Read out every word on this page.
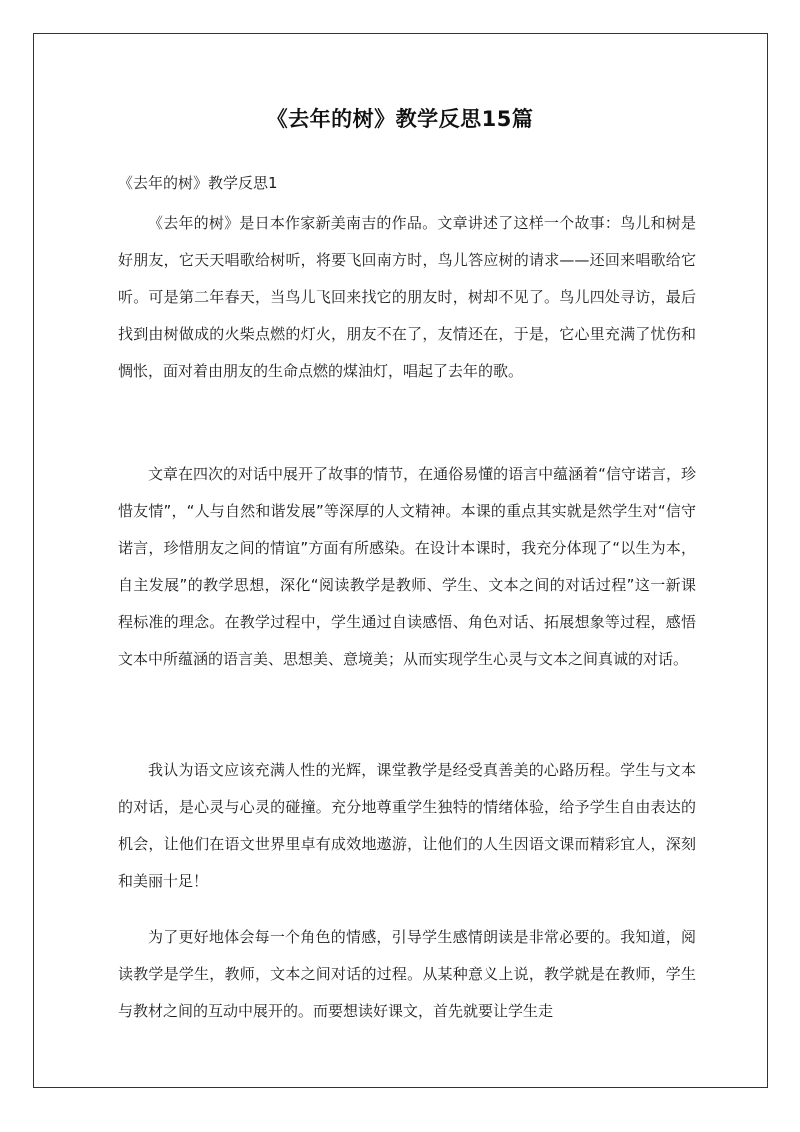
《去年的树》教学反思15篇
《去年的树》教学反思1

《去年的树》是日本作家新美南吉的作品。文章讲述了这样一个故事：鸟儿和树是好朋友，它天天唱歌给树听，将要飞回南方时，鸟儿答应树的请求——还回来唱歌给它听。可是第二年春天，当鸟儿飞回来找它的朋友时，树却不见了。鸟儿四处寻访，最后找到由树做成的火柴点燃的灯火，朋友不在了，友情还在，于是，它心里充满了忧伤和惆怅，面对着由朋友的生命点燃的煤油灯，唱起了去年的歌。

文章在四次的对话中展开了故事的情节，在通俗易懂的语言中蕴涵着“信守诺言，珍惜友情”，“人与自然和谐发展”等深厚的人文精神。本课的重点其实就是然学生对“信守诺言，珍惜朋友之间的情谊”方面有所感染。在设计本课时，我充分体现了“以生为本，自主发展”的教学思想，深化“阅读教学是教师、学生、文本之间的对话过程”这一新课程标准的理念。在教学过程中，学生通过自读感悟、角色对话、拓展想象等过程，感悟文本中所蕴涵的语言美、思想美、意境美；从而实现学生心灵与文本之间真诚的对话。

我认为语文应该充满人性的光辉，课堂教学是经受真善美的心路历程。学生与文本的对话，是心灵与心灵的碰撞。充分地尊重学生独特的情绪体验，给予学生自由表达的机会，让他们在语文世界里卓有成效地遨游，让他们的人生因语文课而精彩宜人，深刻和美丽十足！

为了更好地体会每一个角色的情感，引导学生感情朗读是非常必要的。我知道，阅读教学是学生，教师，文本之间对话的过程。从某种意义上说，教学就是在教师，学生与教材之间的互动中展开的。而要想读好课文，首先就要让学生走
